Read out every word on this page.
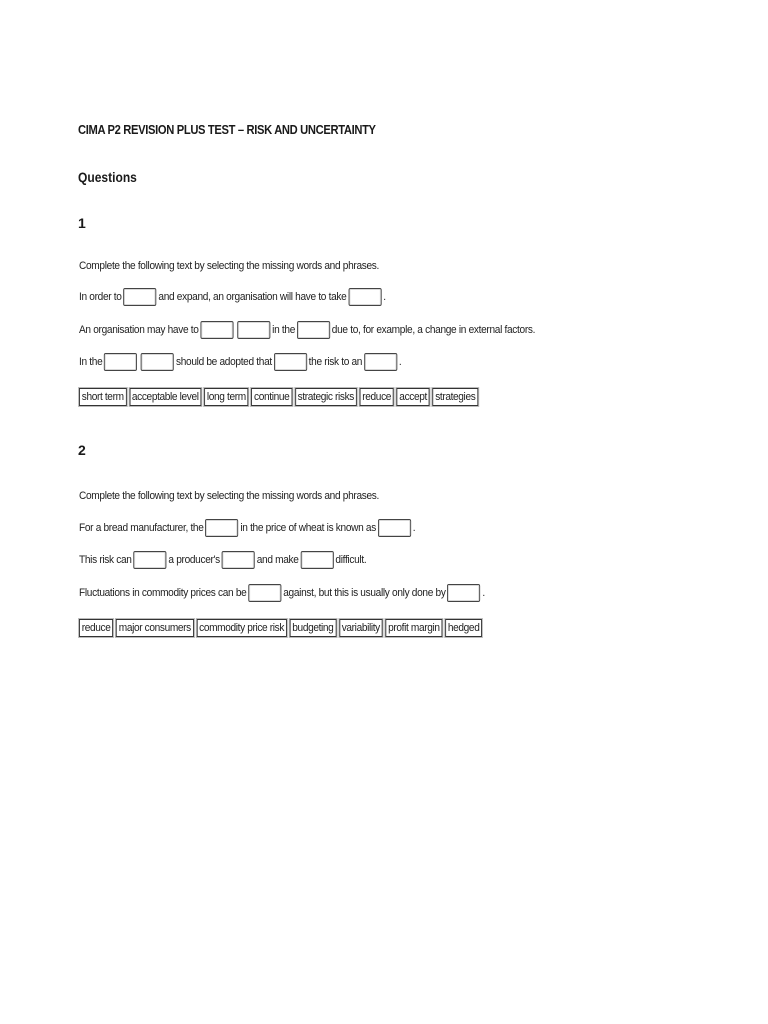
CIMA P2 REVISION PLUS TEST – RISK AND UNCERTAINTY
Questions
1
Complete the following text by selecting the missing words and phrases.
In order to	and expand, an organisation will have to take	.
An organisation may have to	in the	due to, for example, a change in external factors.
In the	should be adopted that	the risk to an	.
short term acceptable level long term continue strategic risks reduce accept strategies
2
Complete the following text by selecting the missing words and phrases.
For a bread manufacturer, the	in the price of wheat is known as	.
This risk can	a producer's	and make	difficult.
Fluctuations in commodity prices can be	against, but this is usually only done by	.
reduce major consumers commodity price risk budgeting variability profit margin hedged
